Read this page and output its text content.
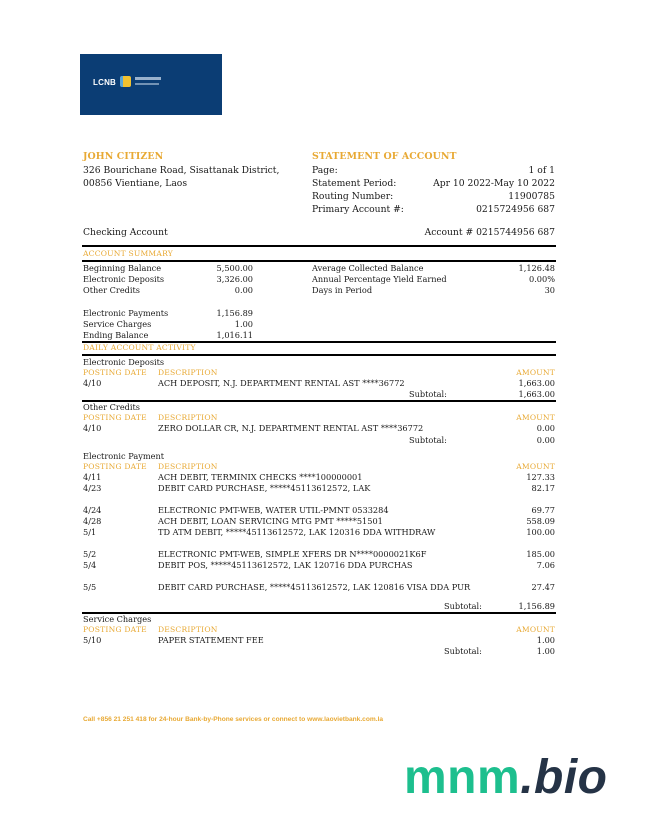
LCNB
JOHN CITIZEN
326 Bourichane Road, Sisattanak District,
00856 Vientiane, Laos
STATEMENT OF ACCOUNT
Page:	1 of 1
Statement Period:	Apr 10 2022-May 10 2022
Routing Number:	11900785
Primary Account #:	0215724956 687
Checking Account	Account # 0215744956 687
ACCOUNT SUMMARY
Beginning Balance	5,500.00
Electronic Deposits	3,326.00
Other Credits	0.00
Electronic Payments	1,156.89
Service Charges	1.00
Ending Balance	1,016.11
Average Collected Balance	1,126.48
Annual Percentage Yield Earned	0.00%
Days in Period	30
DAILY ACCOUNT ACTIVITY
Electronic Deposits
POSTING DATE DESCRIPTION	AMOUNT
4/10	ACH DEPOSIT, N.J. DEPARTMENT RENTAL AST ****36772	1,663.00
Subtotal:	1,663.00
Other Credits
POSTING DATE DESCRIPTION	AMOUNT
4/10	ZERO DOLLAR CR, N.J. DEPARTMENT RENTAL AST ****36772	0.00
Subtotal:	0.00
Electronic Payment
POSTING DATE DESCRIPTION	AMOUNT
4/11	ACH DEBIT, TERMINIX CHECKS ****100000001	127.33
4/23	DEBIT CARD PURCHASE, *****45113612572, LAK	82.17
4/24	ELECTRONIC PMT-WEB, WATER UTIL-PMNT 0533284	69.77
4/28	ACH DEBIT, LOAN SERVICING MTG PMT *****51501	558.09
5/1	TD ATM DEBIT, *****45113612572, LAK 120316 DDA WITHDRAW	100.00
5/2	ELECTRONIC PMT-WEB, SIMPLE XFERS DR N****0000021K6F	185.00
5/4	DEBIT POS, *****45113612572, LAK 120716 DDA PURCHAS	7.06
5/5	DEBIT CARD PURCHASE, *****45113612572, LAK 120816 VISA DDA PUR	27.47
Subtotal:	1,156.89
Service Charges
POSTING DATE DESCRIPTION	AMOUNT
5/10	PAPER STATEMENT FEE	1.00
Subtotal:	1.00
Call +856 21 251 418 for 24-hour Bank-by-Phone services or connect to www.laovietbank.com.la
mnm.bio
